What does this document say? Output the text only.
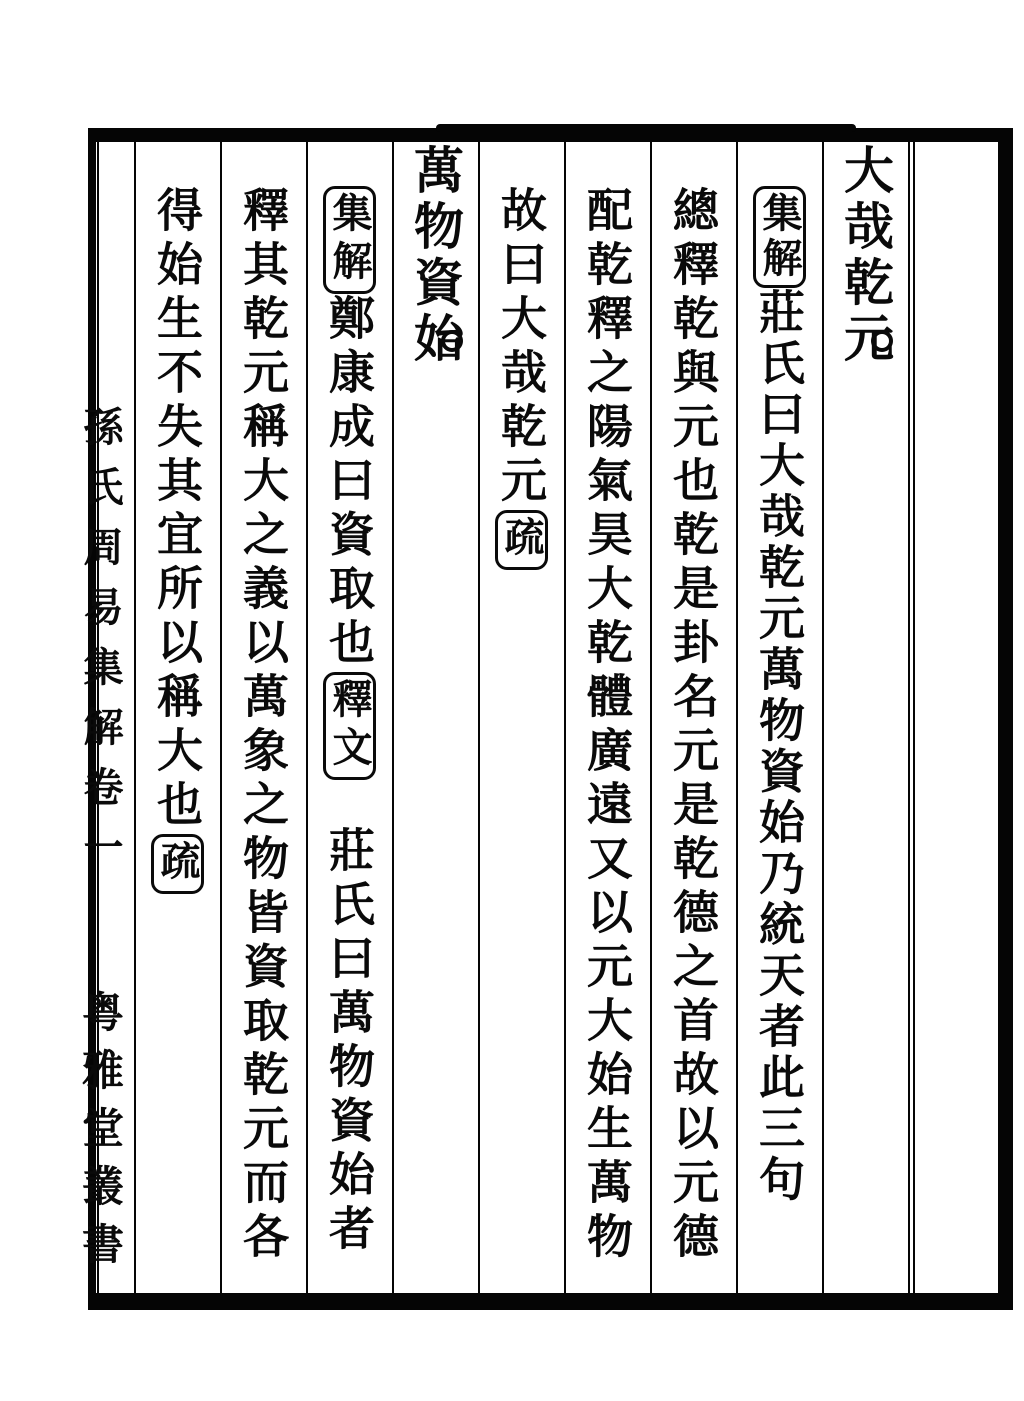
大哉乾元
集解莊氏曰大哉乾元萬物資始乃統天者此三句
總釋乾與元也乾是卦名元是乾德之首故以元德
配乾釋之陽氣昊大乾體廣遠又以元大始生萬物
故曰大哉乾元疏
萬物資始
集解鄭康成曰資取也釋文莊氏曰萬物資始者
釋其乾元稱大之義以萬象之物皆資取乾元而各
得始生不失其宜所以稱大也疏
孫氏周易集解卷一粤雅堂叢書
